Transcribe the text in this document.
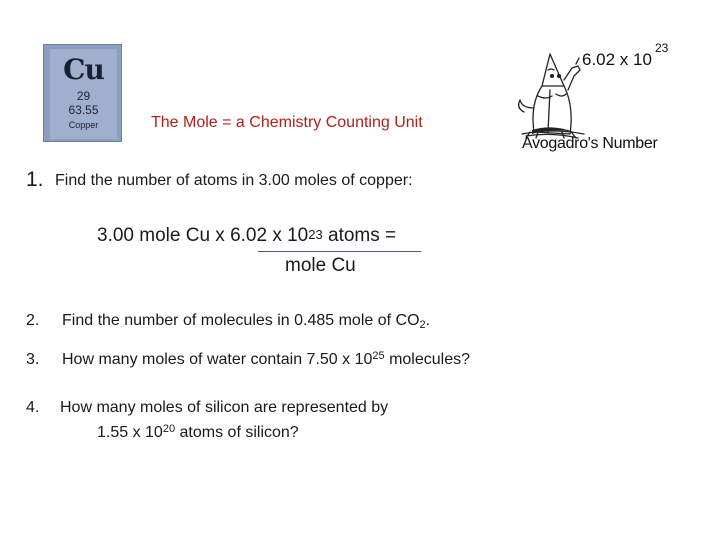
Cu
29
63.55
Copper	The Mole = a Chemistry Counting Unit
6.02 x 10
23
Avogadro's Number
1. Find the number of atoms in 3.00 moles of copper:
3.00 mole Cu x 6.02 x $10^{23}$ atoms =
mole Cu
2. Find the number of molecules in 0.485 mole of $CO_2$.
3. How many moles of water contain 7.50 x $10^{25}$ molecules?
4. How many moles of silicon are represented by
1.55 x $10^{20}$ atoms of silicon?
